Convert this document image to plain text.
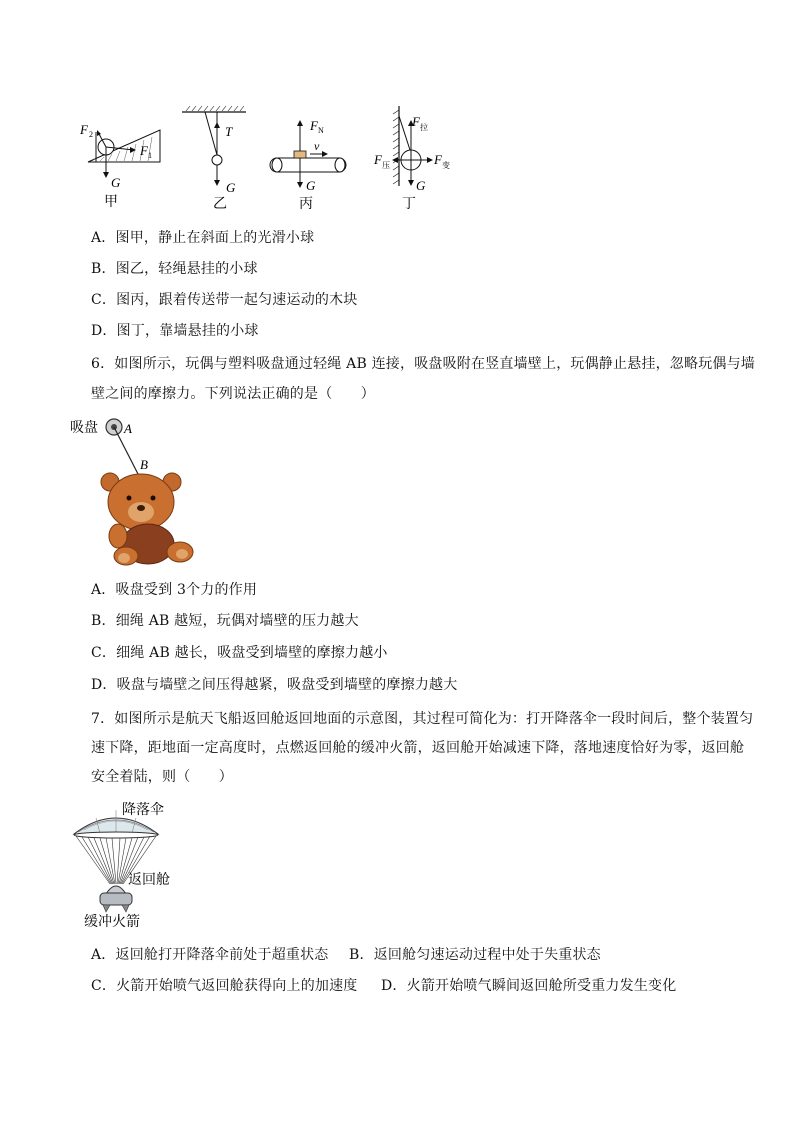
F 2
F 1
G
甲
T
G
乙
F N
v
G
丙
F 拉
F 压	F 变
G
丁
A．图甲，静止在斜面上的光滑小球
B．图乙，轻绳悬挂的小球
C．图丙，跟着传送带一起匀速运动的木块
D．图丁，靠墙悬挂的小球
6．如图所示，玩偶与塑料吸盘通过轻绳 AB 连接，吸盘吸附在竖直墙壁上，玩偶静止悬挂，忽略玩偶与墙
壁之间的摩擦力。下列说法正确的是（　　）
吸盘 A
B
A．吸盘受到 3个力的作用
B．细绳 AB 越短，玩偶对墙壁的压力越大
C．细绳 AB 越长，吸盘受到墙壁的摩擦力越小
D．吸盘与墙壁之间压得越紧，吸盘受到墙壁的摩擦力越大
7．如图所示是航天飞船返回舱返回地面的示意图，其过程可简化为：打开降落伞一段时间后，整个装置匀
速下降，距地面一定高度时，点燃返回舱的缓冲火箭，返回舱开始减速下降，落地速度恰好为零，返回舱
安全着陆，则（　　）
降落伞
返回舱
缓冲火箭
A．返回舱打开降落伞前处于超重状态 B．返回舱匀速运动过程中处于失重状态
C．火箭开始喷气返回舱获得向上的加速度 D．火箭开始喷气瞬间返回舱所受重力发生变化
